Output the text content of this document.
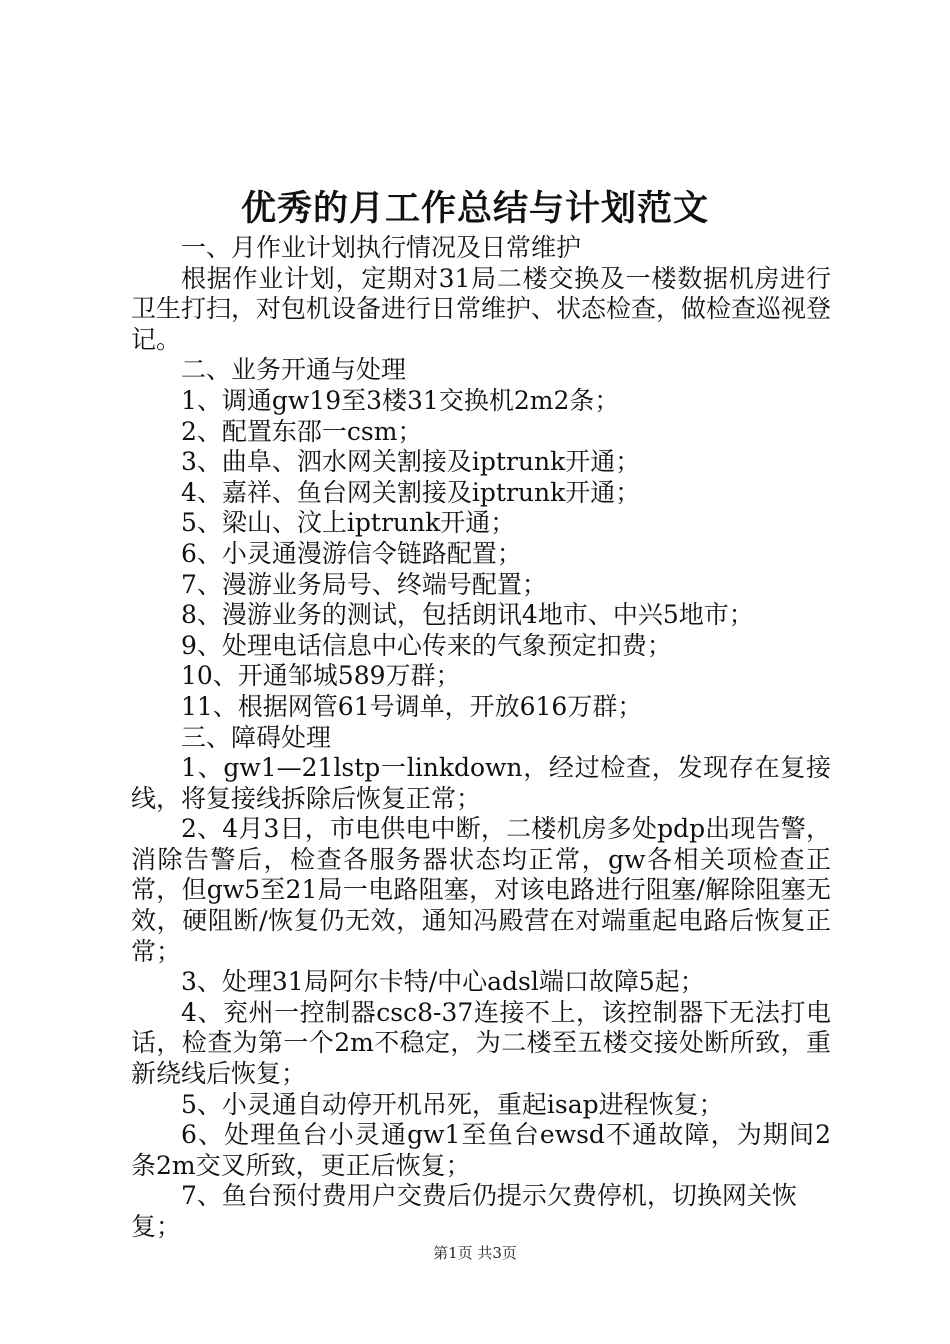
优秀的月工作总结与计划范文

一、月作业计划执行情况及日常维护

根据作业计划，定期对31局二楼交换及一楼数据机房进行卫生打扫，对包机设备进行日常维护、状态检查，做检查巡视登记。

二、业务开通与处理

1、调通gw19至3楼31交换机2m2条；

2、配置东邵一csm；

3、曲阜、泗水网关割接及iptrunk开通；

4、嘉祥、鱼台网关割接及iptrunk开通；

5、梁山、汶上iptrunk开通；

6、小灵通漫游信令链路配置；

7、漫游业务局号、终端号配置；

8、漫游业务的测试，包括朗讯4地市、中兴5地市；

9、处理电话信息中心传来的气象预定扣费；

10、开通邹城589万群；

11、根据网管61号调单，开放616万群；

三、障碍处理

1、gw1—21lstp一linkdown，经过检查，发现存在复接线，将复接线拆除后恢复正常；

2、4月3日，市电供电中断，二楼机房多处pdp出现告警，消除告警后，检查各服务器状态均正常，gw各相关项检查正常，但gw5至21局一电路阻塞，对该电路进行阻塞/解除阻塞无效，硬阻断/恢复仍无效，通知冯殿营在对端重起电路后恢复正常；

3、处理31局阿尔卡特/中心adsl端口故障5起；

4、兖州一控制器csc8-37连接不上，该控制器下无法打电话，检查为第一个2m不稳定，为二楼至五楼交接处断所致，重新绕线后恢复；

5、小灵通自动停开机吊死，重起isap进程恢复；

6、处理鱼台小灵通gw1至鱼台ewsd不通故障，为期间2条2m交叉所致，更正后恢复；

7、鱼台预付费用户交费后仍提示欠费停机，切换网关恢复；

第1页 共3页
